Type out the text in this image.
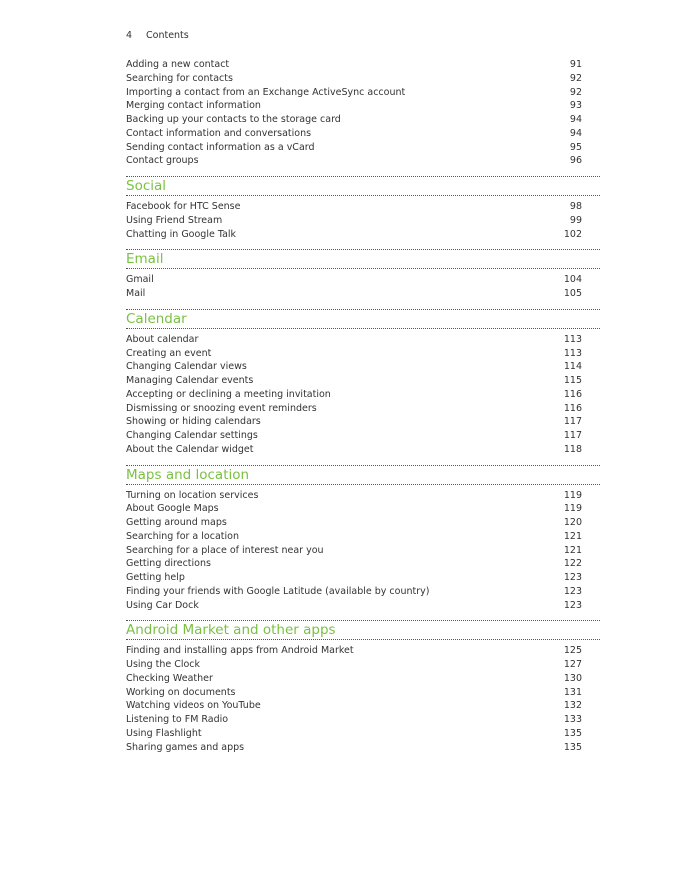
4 Contents
Adding a new contact	91
Searching for contacts	92
Importing a contact from an Exchange ActiveSync account	92
Merging contact information	93
Backing up your contacts to the storage card	94
Contact information and conversations	94
Sending contact information as a vCard	95
Contact groups	96
Social
Facebook for HTC Sense	98
Using Friend Stream	99
Chatting in Google Talk	102
Email
Gmail	104
Mail	105
Calendar
About calendar	113
Creating an event	113
Changing Calendar views	114
Managing Calendar events	115
Accepting or declining a meeting invitation	116
Dismissing or snoozing event reminders	116
Showing or hiding calendars	117
Changing Calendar settings	117
About the Calendar widget	118
Maps and location
Turning on location services	119
About Google Maps	119
Getting around maps	120
Searching for a location	121
Searching for a place of interest near you	121
Getting directions	122
Getting help	123
Finding your friends with Google Latitude (available by country)	123
Using Car Dock	123
Android Market and other apps
Finding and installing apps from Android Market	125
Using the Clock	127
Checking Weather	130
Working on documents	131
Watching videos on YouTube	132
Listening to FM Radio	133
Using Flashlight	135
Sharing games and apps	135
